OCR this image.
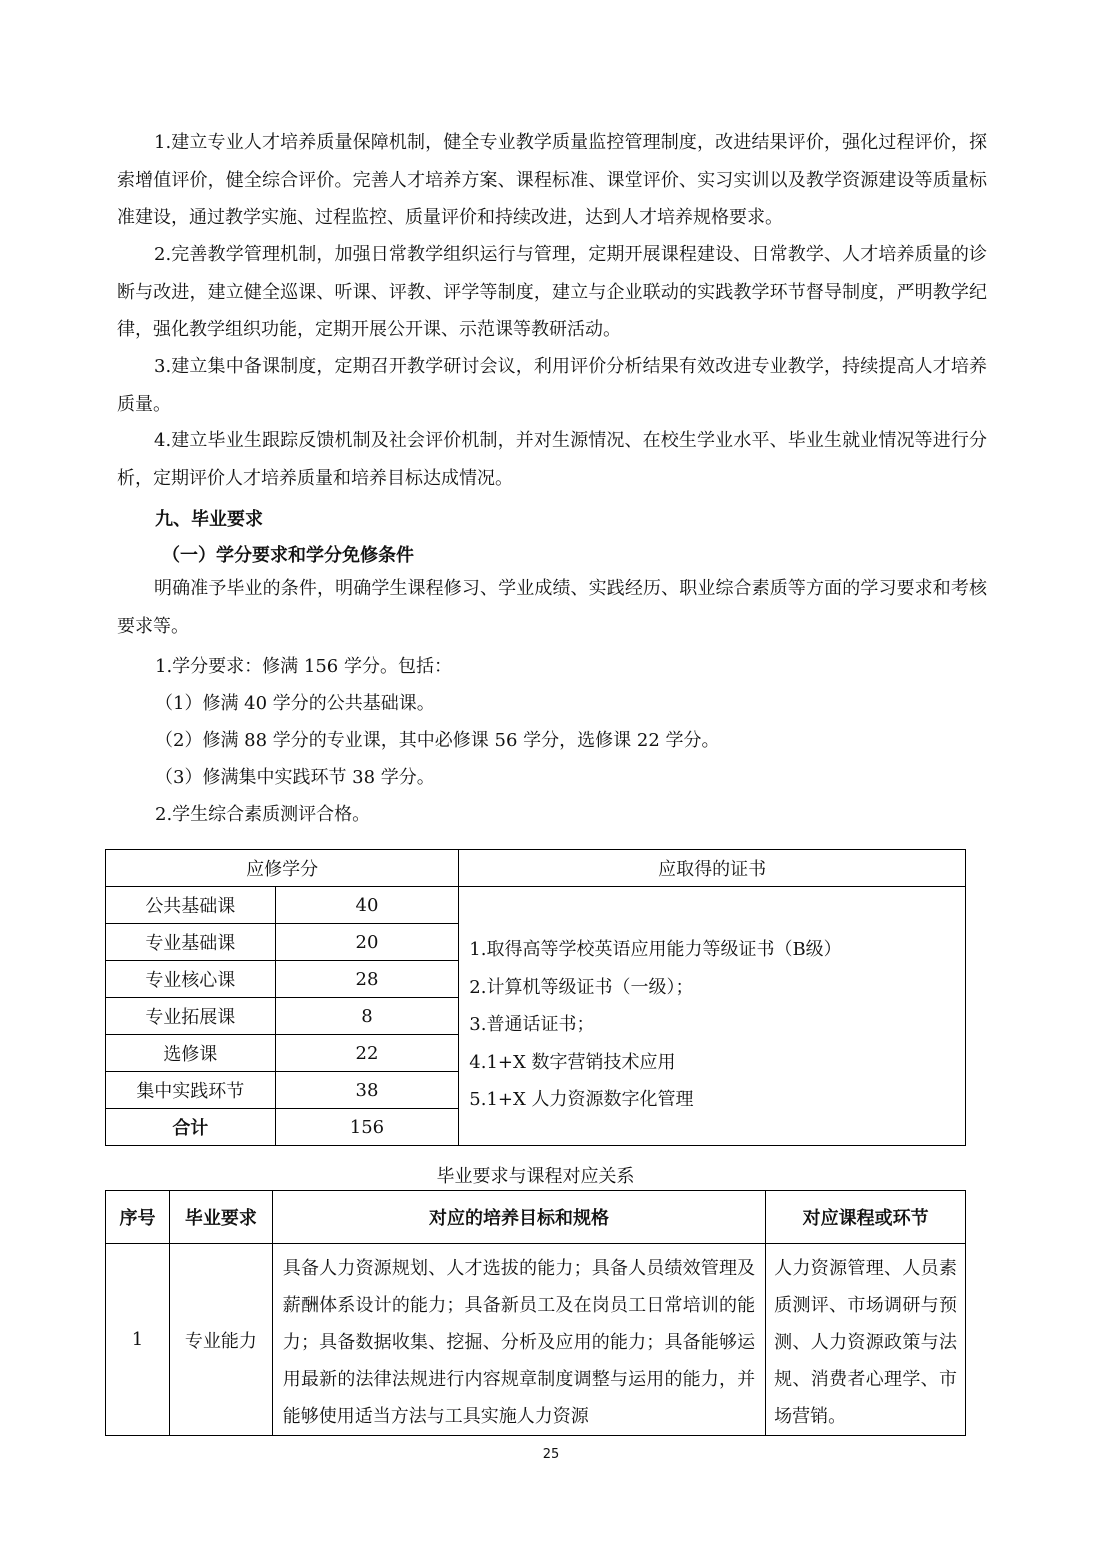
1.建立专业人才培养质量保障机制，健全专业教学质量监控管理制度，改进结果评价，强化过程评价，探索增值评价，健全综合评价。完善人才培养方案、课程标准、课堂评价、实习实训以及教学资源建设等质量标准建设，通过教学实施、过程监控、质量评价和持续改进，达到人才培养规格要求。

2.完善教学管理机制，加强日常教学组织运行与管理，定期开展课程建设、日常教学、人才培养质量的诊断与改进，建立健全巡课、听课、评教、评学等制度，建立与企业联动的实践教学环节督导制度，严明教学纪律，强化教学组织功能，定期开展公开课、示范课等教研活动。

3.建立集中备课制度，定期召开教学研讨会议，利用评价分析结果有效改进专业教学，持续提高人才培养质量。

4.建立毕业生跟踪反馈机制及社会评价机制，并对生源情况、在校生学业水平、毕业生就业情况等进行分析，定期评价人才培养质量和培养目标达成情况。

九、毕业要求

（一）学分要求和学分免修条件

明确准予毕业的条件，明确学生课程修习、学业成绩、实践经历、职业综合素质等方面的学习要求和考核要求等。

1.学分要求：修满 156 学分。包括：

（1）修满 40 学分的公共基础课。

（2）修满 88 学分的专业课，其中必修课 56 学分，选修课 22 学分。

（3）修满集中实践环节 38 学分。

2.学生综合素质测评合格。

应修学分		应取得的证书
公共基础课	40	1.取得高等学校英语应用能力等级证书（B级）
2.计算机等级证书（一级）；
3.普通话证书；
4.1+X 数字营销技术应用
5.1+X 人力资源数字化管理

专业基础课	20	
专业核心课	28	
专业拓展课	8	
选修课	22	
集中实践环节	38	
合计	156	

毕业要求与课程对应关系

序号	毕业要求	对应的培养目标和规格	对应课程或环节
1	专业能力	具备人力资源规划、人才选拔的能力；具备人员绩效管理及薪酬体系设计的能力；具备新员工及在岗员工日常培训的能力；具备数据收集、挖掘、分析及应用的能力；具备能够运用最新的法律法规进行内容规章制度调整与运用的能力，并能够使用适当方法与工具实施人力资源	人力资源管理、人员素质测评、市场调研与预测、人力资源政策与法规、消费者心理学、市场营销。

25
